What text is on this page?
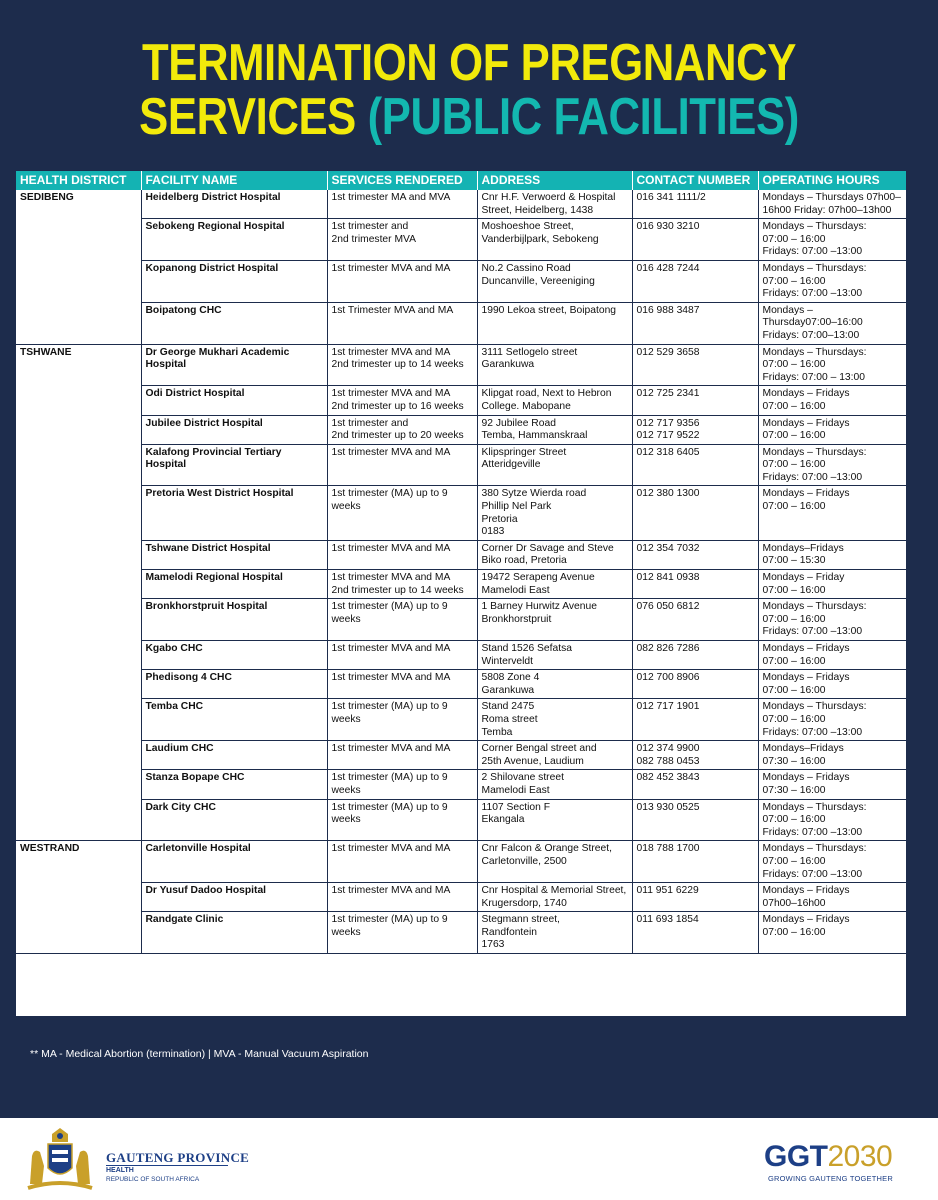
TERMINATION OF PREGNANCY
SERVICES (PUBLIC FACILITIES)
HEALTH DISTRICT	FACILITY NAME	SERVICES RENDERED	ADDRESS	CONTACT NUMBER	OPERATING HOURS
SEDIBENG	Heidelberg District Hospital	1st trimester MA and MVA	Cnr H.F. Verwoerd & Hospital Street, Heidelberg, 1438	016 341 1111/2	Mondays – Thursdays 07h00–16h00 Friday: 07h00–13h00
	Sebokeng Regional Hospital	1st trimester and
2nd trimester MVA	Moshoeshoe Street, Vanderbijlpark, Sebokeng	016 930 3210	Mondays – Thursdays:
07:00 – 16:00
Fridays: 07:00 –13:00
	Kopanong District Hospital	1st trimester MVA and MA	No.2 Cassino Road
Duncanville, Vereeniging	016 428 7244	Mondays – Thursdays:
07:00 – 16:00
Fridays: 07:00 –13:00
	Boipatong CHC	1st Trimester MVA and MA	1990 Lekoa street, Boipatong	016 988 3487	Mondays –
Thursday07:00–16:00
Fridays: 07:00–13:00
TSHWANE	Dr George Mukhari Academic Hospital	1st trimester MVA and MA
2nd trimester up to 14 weeks	3111 Setlogelo street
Garankuwa	012 529 3658	Mondays – Thursdays:
07:00 – 16:00
Fridays: 07:00 – 13:00
	Odi District Hospital	1st trimester MVA and MA
2nd trimester up to 16 weeks	Klipgat road, Next to Hebron College. Mabopane	012 725 2341	Mondays – Fridays
07:00 – 16:00
	Jubilee District Hospital	1st trimester and
2nd trimester up to 20 weeks	92 Jubilee Road
Temba, Hammanskraal	012 717 9356
012 717 9522	Mondays – Fridays
07:00 – 16:00
	Kalafong Provincial Tertiary Hospital	1st trimester MVA and MA	Klipspringer Street
Atteridgeville	012 318 6405	Mondays – Thursdays:
07:00 – 16:00
Fridays: 07:00 –13:00
	Pretoria West District Hospital	1st trimester (MA) up to 9 weeks	380 Sytze Wierda road
Phillip Nel Park
Pretoria
0183	012 380 1300	Mondays – Fridays
07:00 – 16:00
	Tshwane District Hospital	1st trimester MVA and MA	Corner Dr Savage and Steve Biko road, Pretoria	012 354 7032	Mondays–Fridays
07:00 – 15:30
	Mamelodi Regional Hospital	1st trimester MVA and MA
2nd trimester up to 14 weeks	19472 Serapeng Avenue
Mamelodi East	012 841 0938	Mondays – Friday
07:00 – 16:00
	Bronkhorstpruit Hospital	1st trimester (MA) up to 9 weeks	1 Barney Hurwitz Avenue
Bronkhorstpruit	076 050 6812	Mondays – Thursdays:
07:00 – 16:00
Fridays: 07:00 –13:00
	Kgabo CHC	1st trimester MVA and MA	Stand 1526 Sefatsa
Winterveldt	082 826 7286	Mondays – Fridays
07:00 – 16:00
	Phedisong 4 CHC	1st trimester MVA and MA	5808 Zone 4
Garankuwa	012 700 8906	Mondays – Fridays
07:00 – 16:00
	Temba CHC	1st trimester (MA) up to 9 weeks	Stand 2475
Roma street
Temba	012 717 1901	Mondays – Thursdays:
07:00 – 16:00
Fridays: 07:00 –13:00
	Laudium CHC	1st trimester MVA and MA	Corner Bengal street and
25th Avenue, Laudium	012 374 9900
082 788 0453	Mondays–Fridays
07:30 – 16:00
	Stanza Bopape CHC	1st trimester (MA) up to 9 weeks	2 Shilovane street
Mamelodi East	082 452 3843	Mondays – Fridays
07:30 – 16:00
	Dark City CHC	1st trimester (MA) up to 9 weeks	1107 Section F
Ekangala	013 930 0525	Mondays – Thursdays:
07:00 – 16:00
Fridays: 07:00 –13:00
WESTRAND	Carletonville Hospital	1st trimester MVA and MA	Cnr Falcon & Orange Street, Carletonville, 2500	018 788 1700	Mondays – Thursdays:
07:00 – 16:00
Fridays: 07:00 –13:00
	Dr Yusuf Dadoo Hospital	1st trimester MVA and MA	Cnr Hospital & Memorial Street,
Krugersdorp, 1740	011 951 6229	Mondays – Fridays
07h00–16h00
	Randgate Clinic	1st trimester (MA) up to 9 weeks	Stegmann street,
Randfontein
1763	011 693 1854	Mondays – Fridays
07:00 – 16:00
** MA - Medical Abortion (termination) | MVA - Manual Vacuum Aspiration
GAUTENG PROVINCE
HEALTH
REPUBLIC OF SOUTH AFRICA
GGT2030
GROWING GAUTENG TOGETHER
